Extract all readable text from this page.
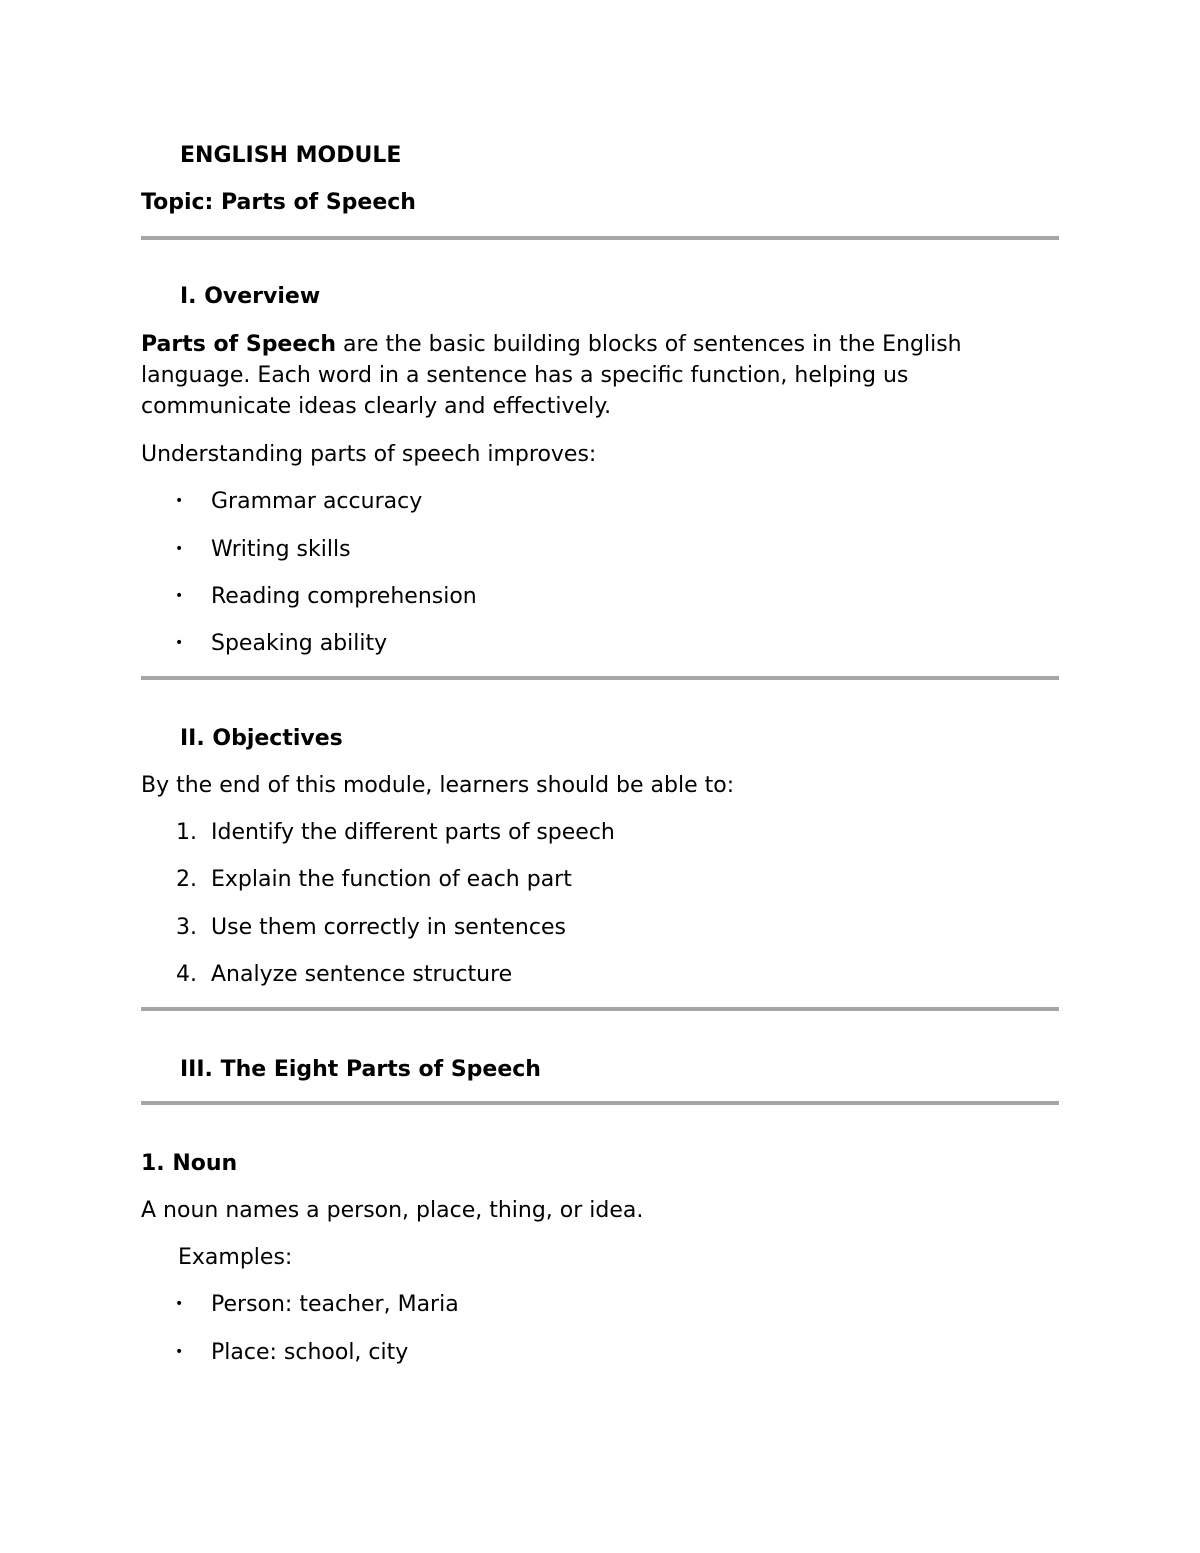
ENGLISH MODULE

Topic: Parts of Speech

I. Overview

Parts of Speech are the basic building blocks of sentences in the English

language. Each word in a sentence has a specific function, helping us

communicate ideas clearly and effectively.

Understanding parts of speech improves:

• Grammar accuracy

• Writing skills

• Reading comprehension

• Speaking ability

II. Objectives

By the end of this module, learners should be able to:

1. Identify the different parts of speech

2. Explain the function of each part

3. Use them correctly in sentences

4. Analyze sentence structure

III. The Eight Parts of Speech

1. Noun

A noun names a person, place, thing, or idea.

Examples:

• Person: teacher, Maria

• Place: school, city
